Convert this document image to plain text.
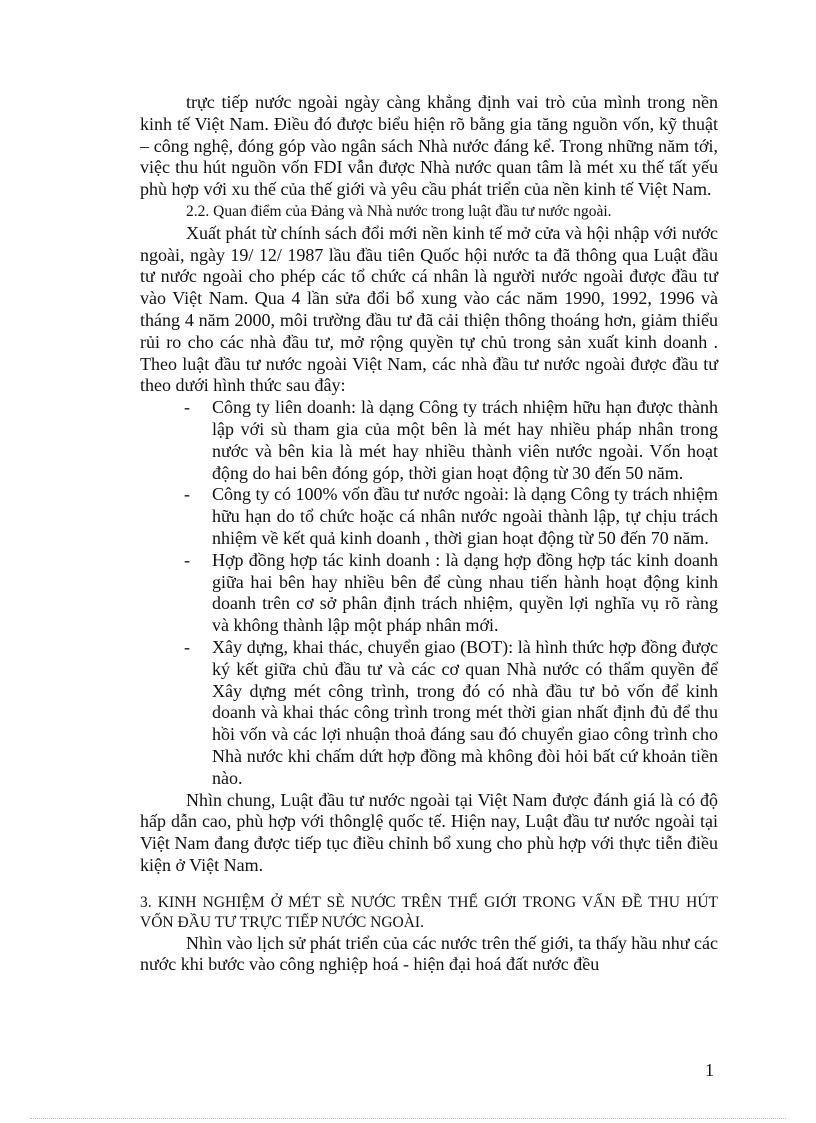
trực tiếp nước ngoài ngày càng khẳng định vai trò của mình trong nền kinh tế Việt Nam. Điều đó được biểu hiện rõ bằng gia tăng nguồn vốn, kỹ thuật – công nghệ, đóng góp vào ngân sách Nhà nước đáng kể. Trong những năm tới, việc thu hút nguồn vốn FDI vẫn được Nhà nước quan tâm là mét xu thế tất yếu phù hợp với xu thế của thế giới và yêu cầu phát triển của nền kinh tế Việt Nam.

2.2. Quan điểm của Đảng và Nhà nước trong luật đầu tư nước ngoài.

Xuất phát từ chính sách đổi mới nền kinh tế mở cửa và hội nhập với nước ngoài, ngày 19/ 12/ 1987 lầu đầu tiên Quốc hội nước ta đã thông qua Luật đầu tư nước ngoài cho phép các tổ chức cá nhân là người nước ngoài được đầu tư vào Việt Nam. Qua 4 lần sửa đổi bổ xung vào các năm 1990, 1992, 1996 và tháng 4 năm 2000, môi trường đầu tư đã cải thiện thông thoáng hơn, giảm thiểu rủi ro cho các nhà đầu tư, mở rộng quyền tự chủ trong sản xuất kinh doanh . Theo luật đầu tư nước ngoài Việt Nam, các nhà đầu tư nước ngoài được đầu tư theo dưới hình thức sau đây:

- Công ty liên doanh: là dạng Công ty trách nhiệm hữu hạn được thành lập với sù tham gia của một bên là mét hay nhiều pháp nhân trong nước và bên kia là mét hay nhiều thành viên nước ngoài. Vốn hoạt động do hai bên đóng góp, thời gian hoạt động từ 30 đến 50 năm.
- Công ty có 100% vốn đầu tư nước ngoài: là dạng Công ty trách nhiệm hữu hạn do tổ chức hoặc cá nhân nước ngoài thành lập, tự chịu trách nhiệm về kết quả kinh doanh , thời gian hoạt động từ 50 đến 70 năm.
- Hợp đồng hợp tác kinh doanh : là dạng hợp đồng hợp tác kinh doanh giữa hai bên hay nhiều bên để cùng nhau tiến hành hoạt động kinh doanh trên cơ sở phân định trách nhiệm, quyền lợi nghĩa vụ rõ ràng và không thành lập một pháp nhân mới.
- Xây dựng, khai thác, chuyển giao (BOT): là hình thức hợp đồng được ký kết giữa chủ đầu tư và các cơ quan Nhà nước có thẩm quyền để Xây dựng mét công trình, trong đó có nhà đầu tư bỏ vốn để kinh doanh và khai thác công trình trong mét thời gian nhất định đủ để thu hồi vốn và các lợi nhuận thoả đáng sau đó chuyển giao công trình cho Nhà nước khi chấm dứt hợp đồng mà không đòi hỏi bất cứ khoản tiền nào.

Nhìn chung, Luật đầu tư nước ngoài tại Việt Nam được đánh giá là có độ hấp dẫn cao, phù hợp với thônglệ quốc tế. Hiện nay, Luật đầu tư nước ngoài tại Việt Nam đang được tiếp tục điều chỉnh bổ xung cho phù hợp với thực tiễn điều kiện ở Việt Nam.

3. KINH NGHIỆM Ở MÉT SÈ NƯỚC TRÊN THẾ GIỚI TRONG VẤN ĐỀ THU HÚT VỐN ĐẦU TƯ TRỰC TIẾP NƯỚC NGOÀI.

Nhìn vào lịch sử phát triển của các nước trên thế giới, ta thấy hầu như các nước khi bước vào công nghiệp hoá - hiện đại hoá đất nước đều

1
